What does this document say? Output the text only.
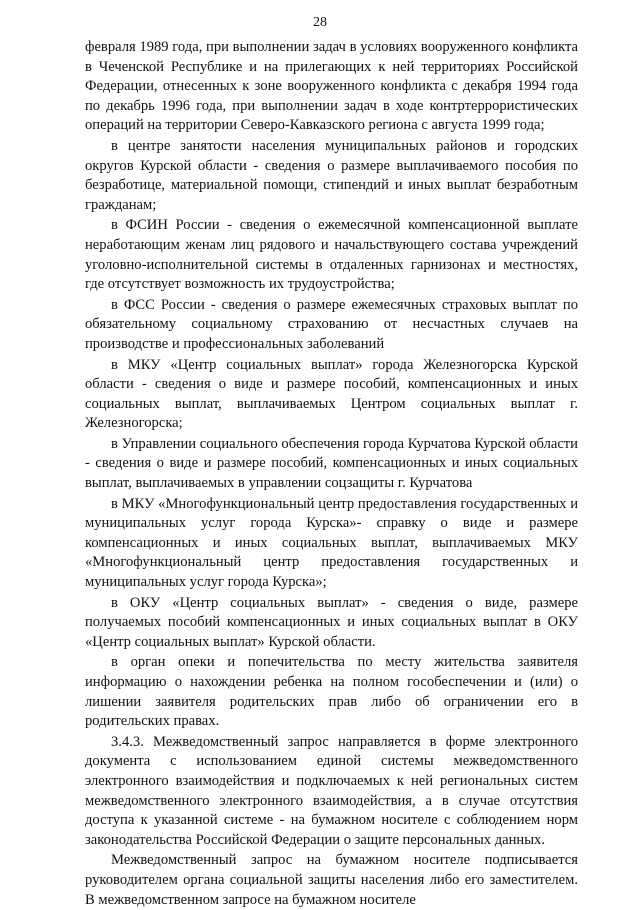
28

февраля 1989 года, при выполнении задач в условиях вооруженного конфликта в Чеченской Республике и на прилегающих к ней территориях Российской Федерации, отнесенных к зоне вооруженного конфликта с декабря 1994 года по декабрь 1996 года, при выполнении задач в ходе контртеррористических операций на территории Северо-Кавказского региона с августа 1999 года;

в центре занятости населения муниципальных районов и городских округов Курской области - сведения о размере выплачиваемого пособия по безработице, материальной помощи, стипендий и иных выплат безработным гражданам;

в ФСИН России - сведения о ежемесячной компенсационной выплате неработающим женам лиц рядового и начальствующего состава учреждений уголовно-исполнительной системы в отдаленных гарнизонах и местностях, где отсутствует возможность их трудоустройства;

в ФСС России - сведения о размере ежемесячных страховых выплат по обязательному социальному страхованию от несчастных случаев на производстве и профессиональных заболеваний

в МКУ «Центр социальных выплат» города Железногорска Курской области - сведения о виде и размере пособий, компенсационных и иных социальных выплат, выплачиваемых Центром социальных выплат г. Железногорска;

в Управлении социального обеспечения города Курчатова Курской области - сведения о виде и размере пособий, компенсационных и иных социальных выплат, выплачиваемых в управлении соцзащиты г. Курчатова

в МКУ «Многофункциональный центр предоставления государственных и муниципальных услуг города Курска»- справку о виде и размере компенсационных и иных социальных выплат, выплачиваемых МКУ «Многофункциональный центр предоставления государственных и муниципальных услуг города Курска»;

в ОКУ «Центр социальных выплат» - сведения о виде, размере получаемых пособий компенсационных и иных социальных выплат в ОКУ «Центр социальных выплат» Курской области.

в орган опеки и попечительства по месту жительства заявителя информацию о нахождении ребенка на полном гособеспечении и (или) о лишении заявителя родительских прав либо об ограничении его в родительских правах.

3.4.3. Межведомственный запрос направляется в форме электронного документа с использованием единой системы межведомственного электронного взаимодействия и подключаемых к ней региональных систем межведомственного электронного взаимодействия, а в случае отсутствия доступа к указанной системе - на бумажном носителе с соблюдением норм законодательства Российской Федерации о защите персональных данных.

Межведомственный запрос на бумажном носителе подписывается руководителем органа социальной защиты населения либо его заместителем. В межведомственном запросе на бумажном носителе
